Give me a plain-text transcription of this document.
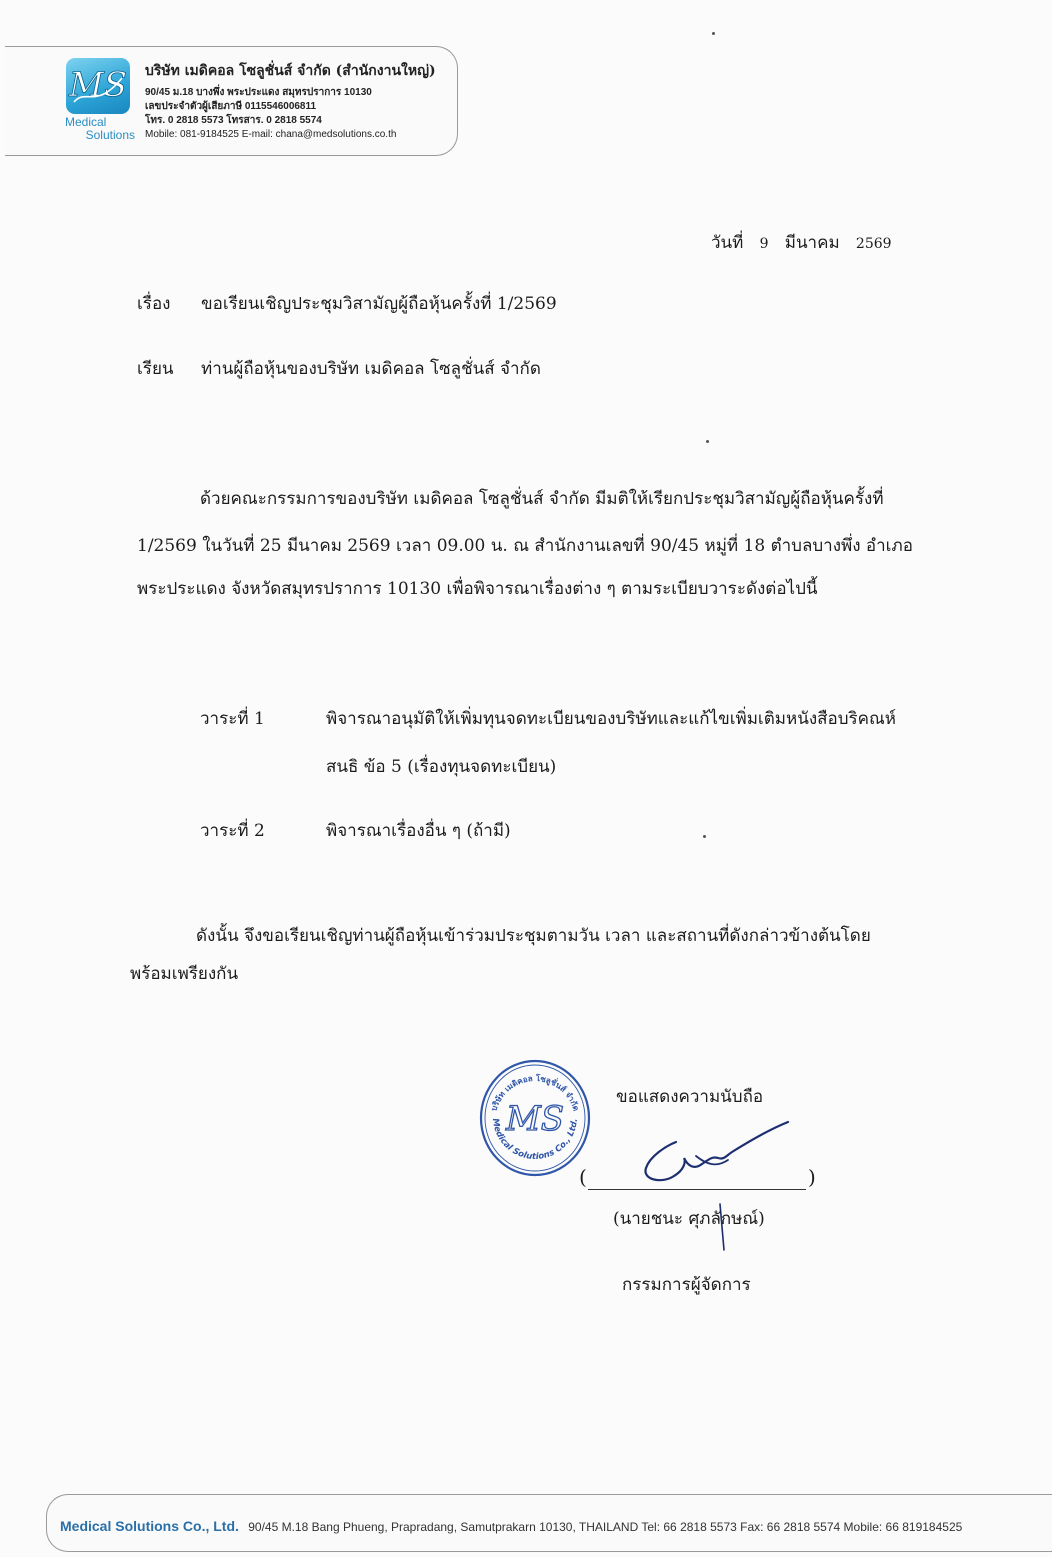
MS
Medical
Solutions
บริษัท เมดิคอล โซลูชั่นส์ จำกัด (สำนักงานใหญ่)
90/45 ม.18 บางพึ่ง พระประแดง สมุทรปราการ 10130
เลขประจำตัวผู้เสียภาษี 0115546006811
โทร. 0 2818 5573 โทรสาร. 0 2818 5574
Mobile: 081-9184525 E-mail: chana@medsolutions.co.th
วันที่ 9 มีนาคม 2569
เรื่อง ขอเรียนเชิญประชุมวิสามัญผู้ถือหุ้นครั้งที่ 1/2569
เรียน ท่านผู้ถือหุ้นของบริษัท เมดิคอล โซลูชั่นส์ จำกัด
ด้วยคณะกรรมการของบริษัท เมดิคอล โซลูชั่นส์ จำกัด มีมติให้เรียกประชุมวิสามัญผู้ถือหุ้นครั้งที่
1/2569 ในวันที่ 25 มีนาคม 2569 เวลา 09.00 น. ณ สำนักงานเลขที่ 90/45 หมู่ที่ 18 ตำบลบางพึ่ง อำเภอ
พระประแดง จังหวัดสมุทรปราการ 10130 เพื่อพิจารณาเรื่องต่าง ๆ ตามระเบียบวาระดังต่อไปนี้
วาระที่ 1	พิจารณาอนุมัติให้เพิ่มทุนจดทะเบียนของบริษัทและแก้ไขเพิ่มเติมหนังสือบริคณห์
สนธิ ข้อ 5 (เรื่องทุนจดทะเบียน)
วาระที่ 2	พิจารณาเรื่องอื่น ๆ (ถ้ามี)
ดังนั้น จึงขอเรียนเชิญท่านผู้ถือหุ้นเข้าร่วมประชุมตามวัน เวลา และสถานที่ดังกล่าวข้างต้นโดย
พร้อมเพรียงกัน
บริษัท เมดิคอล โซลูชั่นส์ จำกัด
Medical Solutions Co., Ltd.
MS
ขอแสดงความนับถือ
(	)
(นายชนะ ศุภลักษณ์)
กรรมการผู้จัดการ
Medical Solutions Co., Ltd. 90/45 M.18 Bang Phueng, Prapradang, Samutprakarn 10130, THAILAND Tel: 66 2818 5573 Fax: 66 2818 5574 Mobile: 66 819184525
